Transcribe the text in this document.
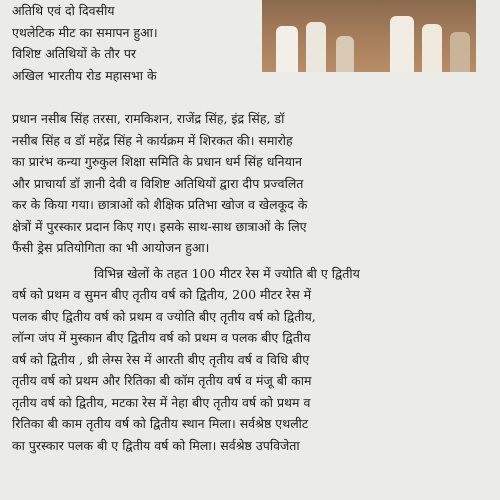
अतिथि एवं दो दिवसीय
एथलेटिक मीट का समापन हुआ।
विशिष्ट अतिथियों के तौर पर
अखिल भारतीय रोड महासभा के
प्रधान नसीब सिंह तरसा, रामकिशन, राजेंद्र सिंह, इंद्र सिंह, डॉ
नसीब सिंह व डॉ महेंद्र सिंह ने कार्यक्रम में शिरकत की। समारोह
का प्रारंभ कन्या गुरुकुल शिक्षा समिति के प्रधान धर्म सिंह धनियान
और प्राचार्या डॉ ज्ञानी देवी व विशिष्ट अतिथियों द्वारा दीप प्रज्वलित
कर के किया गया। छात्राओं को शैक्षिक प्रतिभा खोज व खेलकूद के
क्षेत्रों में पुरस्कार प्रदान किए गए। इसके साथ-साथ छात्राओं के लिए
फैंसी ड्रेस प्रतियोगिता का भी आयोजन हुआ।
विभिन्न खेलों के तहत 100 मीटर रेस में ज्योति बी ए द्वितीय
वर्ष को प्रथम व सुमन बीए तृतीय वर्ष को द्वितीय, 200 मीटर रेस में
पलक बीए द्वितीय वर्ष को प्रथम व ज्योति बीए तृतीय वर्ष को द्वितीय,
लॉन्ग जंप में मुस्कान बीए द्वितीय वर्ष को प्रथम व पलक बीए द्वितीय
वर्ष को द्वितीय , थ्री लेग्स रेस में आरती बीए तृतीय वर्ष व विधि बीए
तृतीय वर्ष को प्रथम और रितिका बी कॉम तृतीय वर्ष व मंजू बी काम
तृतीय वर्ष को द्वितीय, मटका रेस में नेहा बीए तृतीय वर्ष को प्रथम व
रितिका बी काम तृतीय वर्ष को द्वितीय स्थान मिला। सर्वश्रेष्ठ एथलीट
का पुरस्कार पलक बी ए द्वितीय वर्ष को मिला। सर्वश्रेष्ठ उपविजेता
